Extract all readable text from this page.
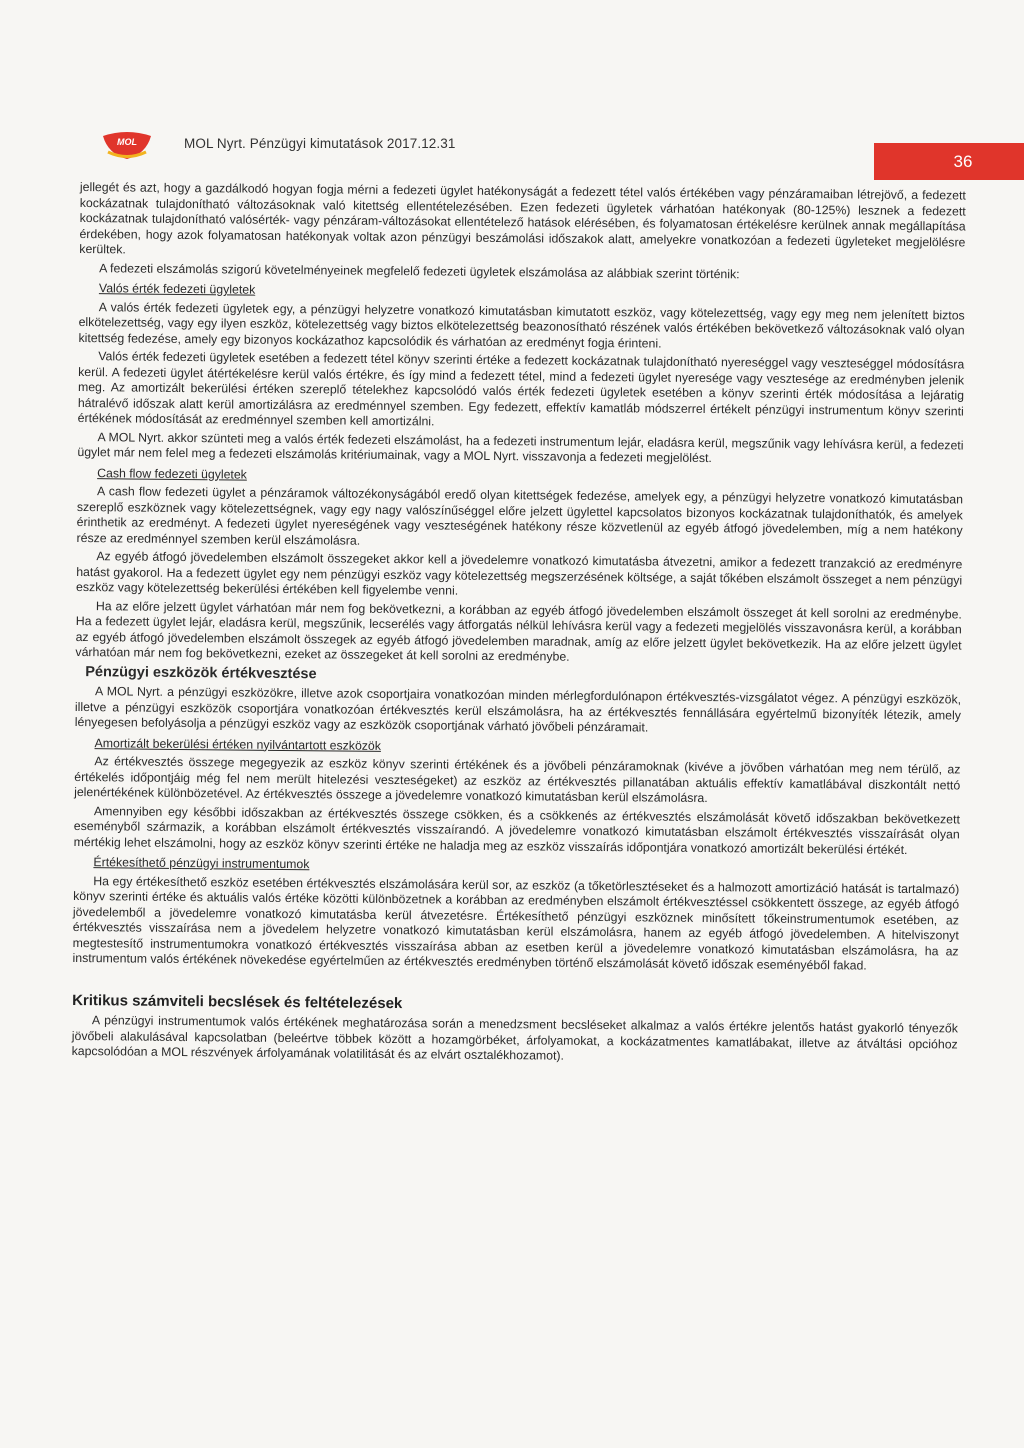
MOL	MOL Nyrt. Pénzügyi kimutatások 2017.12.31
36

jellegét és azt, hogy a gazdálkodó hogyan fogja mérni a fedezeti ügylet hatékonyságát a fedezett tétel valós értékében vagy pénzáramaiban létrejövő, a fedezett kockázatnak tulajdonítható változásoknak való kitettség ellentételezésében. Ezen fedezeti ügyletek várhatóan hatékonyak (80-125%) lesznek a fedezett kockázatnak tulajdonítható valósérték- vagy pénzáram-változásokat ellentételező hatások elérésében, és folyamatosan értékelésre kerülnek annak megállapítása érdekében, hogy azok folyamatosan hatékonyak voltak azon pénzügyi beszámolási időszakok alatt, amelyekre vonatkozóan a fedezeti ügyleteket megjelölésre kerültek.

A fedezeti elszámolás szigorú követelményeinek megfelelő fedezeti ügyletek elszámolása az alábbiak szerint történik:

Valós érték fedezeti ügyletek

A valós érték fedezeti ügyletek egy, a pénzügyi helyzetre vonatkozó kimutatásban kimutatott eszköz, vagy kötelezettség, vagy egy meg nem jelenített biztos elkötelezettség, vagy egy ilyen eszköz, kötelezettség vagy biztos elkötelezettség beazonosítható részének valós értékében bekövetkező változásoknak való olyan kitettség fedezése, amely egy bizonyos kockázathoz kapcsolódik és várhatóan az eredményt fogja érinteni.

Valós érték fedezeti ügyletek esetében a fedezett tétel könyv szerinti értéke a fedezett kockázatnak tulajdonítható nyereséggel vagy veszteséggel módosításra kerül. A fedezeti ügylet átértékelésre kerül valós értékre, és így mind a fedezett tétel, mind a fedezeti ügylet nyeresége vagy vesztesége az eredményben jelenik meg. Az amortizált bekerülési értéken szereplő tételekhez kapcsolódó valós érték fedezeti ügyletek esetében a könyv szerinti érték módosítása a lejáratig hátralévő időszak alatt kerül amortizálásra az eredménnyel szemben. Egy fedezett, effektív kamatláb módszerrel értékelt pénzügyi instrumentum könyv szerinti értékének módosítását az eredménnyel szemben kell amortizálni.

A MOL Nyrt. akkor szünteti meg a valós érték fedezeti elszámolást, ha a fedezeti instrumentum lejár, eladásra kerül, megszűnik vagy lehívásra kerül, a fedezeti ügylet már nem felel meg a fedezeti elszámolás kritériumainak, vagy a MOL Nyrt. visszavonja a fedezeti megjelölést.

Cash flow fedezeti ügyletek

A cash flow fedezeti ügylet a pénzáramok változékonyságából eredő olyan kitettségek fedezése, amelyek egy, a pénzügyi helyzetre vonatkozó kimutatásban szereplő eszköznek vagy kötelezettségnek, vagy egy nagy valószínűséggel előre jelzett ügylettel kapcsolatos bizonyos kockázatnak tulajdoníthatók, és amelyek érinthetik az eredményt. A fedezeti ügylet nyereségének vagy veszteségének hatékony része közvetlenül az egyéb átfogó jövedelemben, míg a nem hatékony része az eredménnyel szemben kerül elszámolásra.

Az egyéb átfogó jövedelemben elszámolt összegeket akkor kell a jövedelemre vonatkozó kimutatásba átvezetni, amikor a fedezett tranzakció az eredményre hatást gyakorol. Ha a fedezett ügylet egy nem pénzügyi eszköz vagy kötelezettség megszerzésének költsége, a saját tőkében elszámolt összeget a nem pénzügyi eszköz vagy kötelezettség bekerülési értékében kell figyelembe venni.

Ha az előre jelzett ügylet várhatóan már nem fog bekövetkezni, a korábban az egyéb átfogó jövedelemben elszámolt összeget át kell sorolni az eredménybe. Ha a fedezett ügylet lejár, eladásra kerül, megszűnik, lecserélés vagy átforgatás nélkül lehívásra kerül vagy a fedezeti megjelölés visszavonásra kerül, a korábban az egyéb átfogó jövedelemben elszámolt összegek az egyéb átfogó jövedelemben maradnak, amíg az előre jelzett ügylet bekövetkezik. Ha az előre jelzett ügylet várhatóan már nem fog bekövetkezni, ezeket az összegeket át kell sorolni az eredménybe.

Pénzügyi eszközök értékvesztése

A MOL Nyrt. a pénzügyi eszközökre, illetve azok csoportjaira vonatkozóan minden mérlegfordulónapon értékvesztés-vizsgálatot végez. A pénzügyi eszközök, illetve a pénzügyi eszközök csoportjára vonatkozóan értékvesztés kerül elszámolásra, ha az értékvesztés fennállására egyértelmű bizonyíték létezik, amely lényegesen befolyásolja a pénzügyi eszköz vagy az eszközök csoportjának várható jövőbeli pénzáramait.

Amortizált bekerülési értéken nyilvántartott eszközök

Az értékvesztés összege megegyezik az eszköz könyv szerinti értékének és a jövőbeli pénzáramoknak (kivéve a jövőben várhatóan meg nem térülő, az értékelés időpontjáig még fel nem merült hitelezési veszteségeket) az eszköz az értékvesztés pillanatában aktuális effektív kamatlábával diszkontált nettó jelenértékének különbözetével. Az értékvesztés összege a jövedelemre vonatkozó kimutatásban kerül elszámolásra.

Amennyiben egy későbbi időszakban az értékvesztés összege csökken, és a csökkenés az értékvesztés elszámolását követő időszakban bekövetkezett eseményből származik, a korábban elszámolt értékvesztés visszaírandó. A jövedelemre vonatkozó kimutatásban elszámolt értékvesztés visszaírását olyan mértékig lehet elszámolni, hogy az eszköz könyv szerinti értéke ne haladja meg az eszköz visszaírás időpontjára vonatkozó amortizált bekerülési értékét.

Értékesíthető pénzügyi instrumentumok

Ha egy értékesíthető eszköz esetében értékvesztés elszámolására kerül sor, az eszköz (a tőketörlesztéseket és a halmozott amortizáció hatását is tartalmazó) könyv szerinti értéke és aktuális valós értéke közötti különbözetnek a korábban az eredményben elszámolt értékvesztéssel csökkentett összege, az egyéb átfogó jövedelemből a jövedelemre vonatkozó kimutatásba kerül átvezetésre. Értékesíthető pénzügyi eszköznek minősített tőkeinstrumentumok esetében, az értékvesztés visszaírása nem a jövedelem helyzetre vonatkozó kimutatásban kerül elszámolásra, hanem az egyéb átfogó jövedelemben. A hitelviszonyt megtestesítő instrumentumokra vonatkozó értékvesztés visszaírása abban az esetben kerül a jövedelemre vonatkozó kimutatásban elszámolásra, ha az instrumentum valós értékének növekedése egyértelműen az értékvesztés eredményben történő elszámolását követő időszak eseményéből fakad.

Kritikus számviteli becslések és feltételezések

A pénzügyi instrumentumok valós értékének meghatározása során a menedzsment becsléseket alkalmaz a valós értékre jelentős hatást gyakorló tényezők jövőbeli alakulásával kapcsolatban (beleértve többek között a hozamgörbéket, árfolyamokat, a kockázatmentes kamatlábakat, illetve az átváltási opcióhoz kapcsolódóan a MOL részvények árfolyamának volatilitását és az elvárt osztalékhozamot).
